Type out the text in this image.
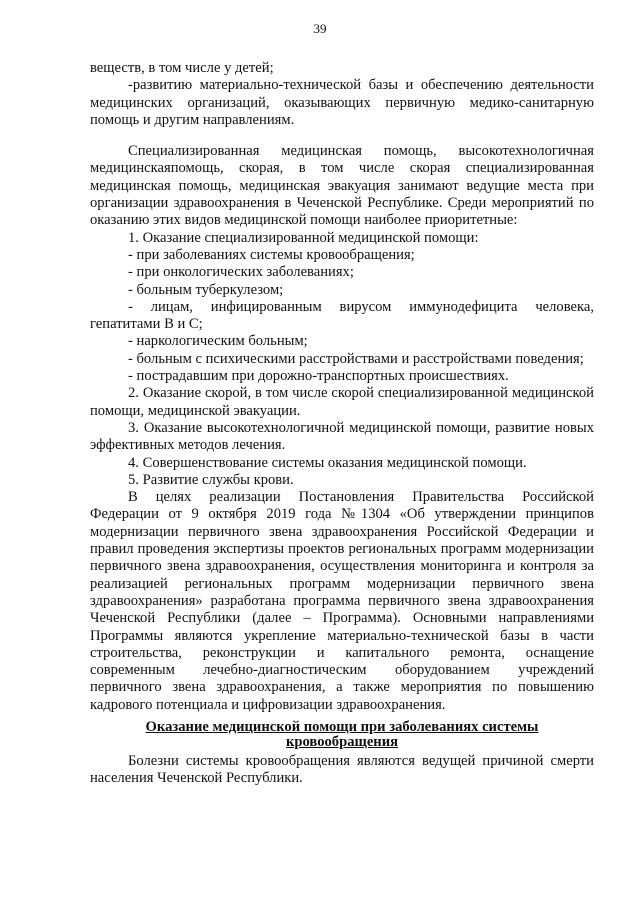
39

веществ, в том числе у детей;

-развитию материально-технической базы и обеспечению деятельности медицинских организаций, оказывающих первичную медико-санитарную помощь и другим направлениям.

Специализированная медицинская помощь, высокотехнологичная медицинскаяпомощь, скорая, в том числе скорая специализированная медицинская помощь, медицинская эвакуация занимают ведущие места при организации здравоохранения в Чеченской Республике. Среди мероприятий по оказанию этих видов медицинской помощи наиболее приоритетные:

1. Оказание специализированной медицинской помощи:

- при заболеваниях системы кровообращения;

- при онкологических заболеваниях;

- больным туберкулезом;

- лицам, инфицированным вирусом иммунодефицита человека, гепатитами В и С;

- наркологическим больным;

- больным с психическими расстройствами и расстройствами поведения;

- пострадавшим при дорожно-транспортных происшествиях.

2. Оказание скорой, в том числе скорой специализированной медицинской помощи, медицинской эвакуации.

3. Оказание высокотехнологичной медицинской помощи, развитие новых эффективных методов лечения.

4. Совершенствование системы оказания медицинской помощи.

5. Развитие службы крови.

В целях реализации Постановления Правительства Российской Федерации от 9 октября 2019 года №1304 «Об утверждении принципов модернизации первичного звена здравоохранения Российской Федерации и правил проведения экспертизы проектов региональных программ модернизации первичного звена здравоохранения, осуществления мониторинга и контроля за реализацией региональных программ модернизации первичного звена здравоохранения» разработана программа первичного звена здравоохранения Чеченской Республики (далее – Программа). Основными направлениями Программы являются укрепление материально-технической базы в части строительства, реконструкции и капитального ремонта, оснащение современным лечебно-диагностическим оборудованием учреждений первичного звена здравоохранения, а также мероприятия по повышению кадрового потенциала и цифровизации здравоохранения.

Оказание медицинской помощи при заболеваниях системы кровообращения

Болезни системы кровообращения являются ведущей причиной смерти населения Чеченской Республики.
